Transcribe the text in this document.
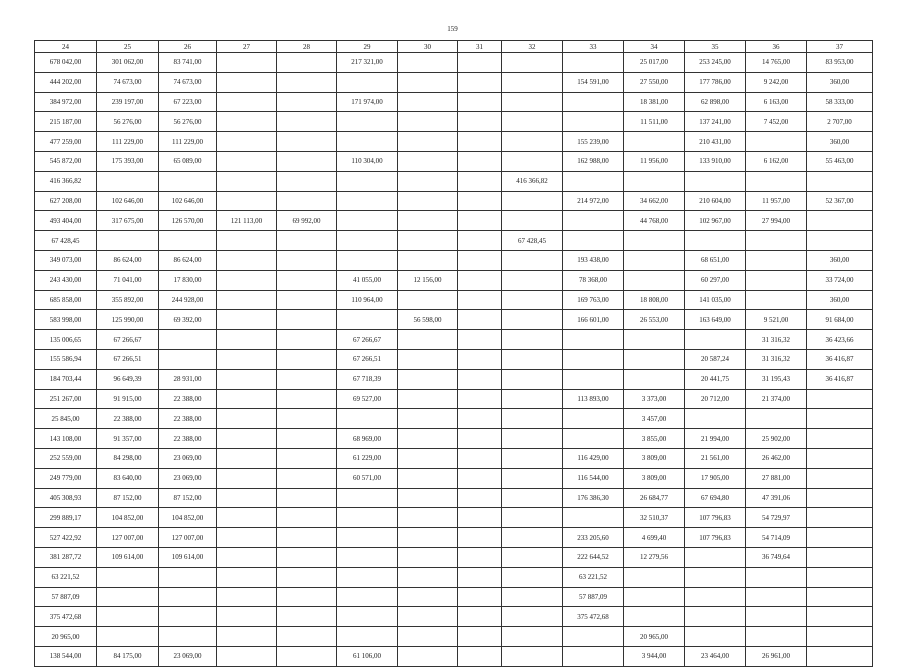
159
24	25	26	27	28	29	30	31	32	33	34	35	36	37
678 042,00	301 062,00	83 741,00			217 321,00					25 017,00	253 245,00	14 765,00	83 953,00
444 202,00	74 673,00	74 673,00							154 591,00	27 550,00	177 786,00	9 242,00	360,00
384 972,00	239 197,00	67 223,00			171 974,00					18 381,00	62 898,00	6 163,00	58 333,00
215 187,00	56 276,00	56 276,00								11 511,00	137 241,00	7 452,00	2 707,00
477 259,00	111 229,00	111 229,00							155 239,00		210 431,00		360,00
545 872,00	175 393,00	65 089,00			110 304,00				162 988,00	11 956,00	133 910,00	6 162,00	55 463,00
416 366,82								416 366,82					
627 208,00	102 646,00	102 646,00							214 972,00	34 662,00	210 604,00	11 957,00	52 367,00
493 404,00	317 675,00	126 570,00	121 113,00	69 992,00						44 768,00	102 967,00	27 994,00	
67 428,45								67 428,45					
349 073,00	86 624,00	86 624,00							193 438,00		68 651,00		360,00
243 430,00	71 041,00	17 830,00			41 055,00	12 156,00			78 368,00		60 297,00		33 724,00
685 858,00	355 892,00	244 928,00			110 964,00				169 763,00	18 808,00	141 035,00		360,00
583 998,00	125 990,00	69 392,00				56 598,00			166 601,00	26 553,00	163 649,00	9 521,00	91 684,00
135 006,65	67 266,67				67 266,67							31 316,32	36 423,66
155 586,94	67 266,51				67 266,51						20 587,24	31 316,32	36 416,87
184 703,44	96 649,39	28 931,00			67 718,39						20 441,75	31 195,43	36 416,87
251 267,00	91 915,00	22 388,00			69 527,00				113 893,00	3 373,00	20 712,00	21 374,00	
25 845,00	22 388,00	22 388,00								3 457,00			
143 108,00	91 357,00	22 388,00			68 969,00					3 855,00	21 994,00	25 902,00	
252 559,00	84 298,00	23 069,00			61 229,00				116 429,00	3 809,00	21 561,00	26 462,00	
249 779,00	83 640,00	23 069,00			60 571,00				116 544,00	3 809,00	17 905,00	27 881,00	
405 308,93	87 152,00	87 152,00							176 386,30	26 684,77	67 694,80	47 391,06	
299 889,17	104 852,00	104 852,00								32 510,37	107 796,83	54 729,97	
527 422,92	127 007,00	127 007,00							233 205,60	4 699,40	107 796,83	54 714,09	
381 287,72	109 614,00	109 614,00							222 644,52	12 279,56		36 749,64	
63 221,52									63 221,52				
57 887,09									57 887,09				
375 472,68									375 472,68				
20 965,00										20 965,00			
138 544,00	84 175,00	23 069,00			61 106,00					3 944,00	23 464,00	26 961,00	
